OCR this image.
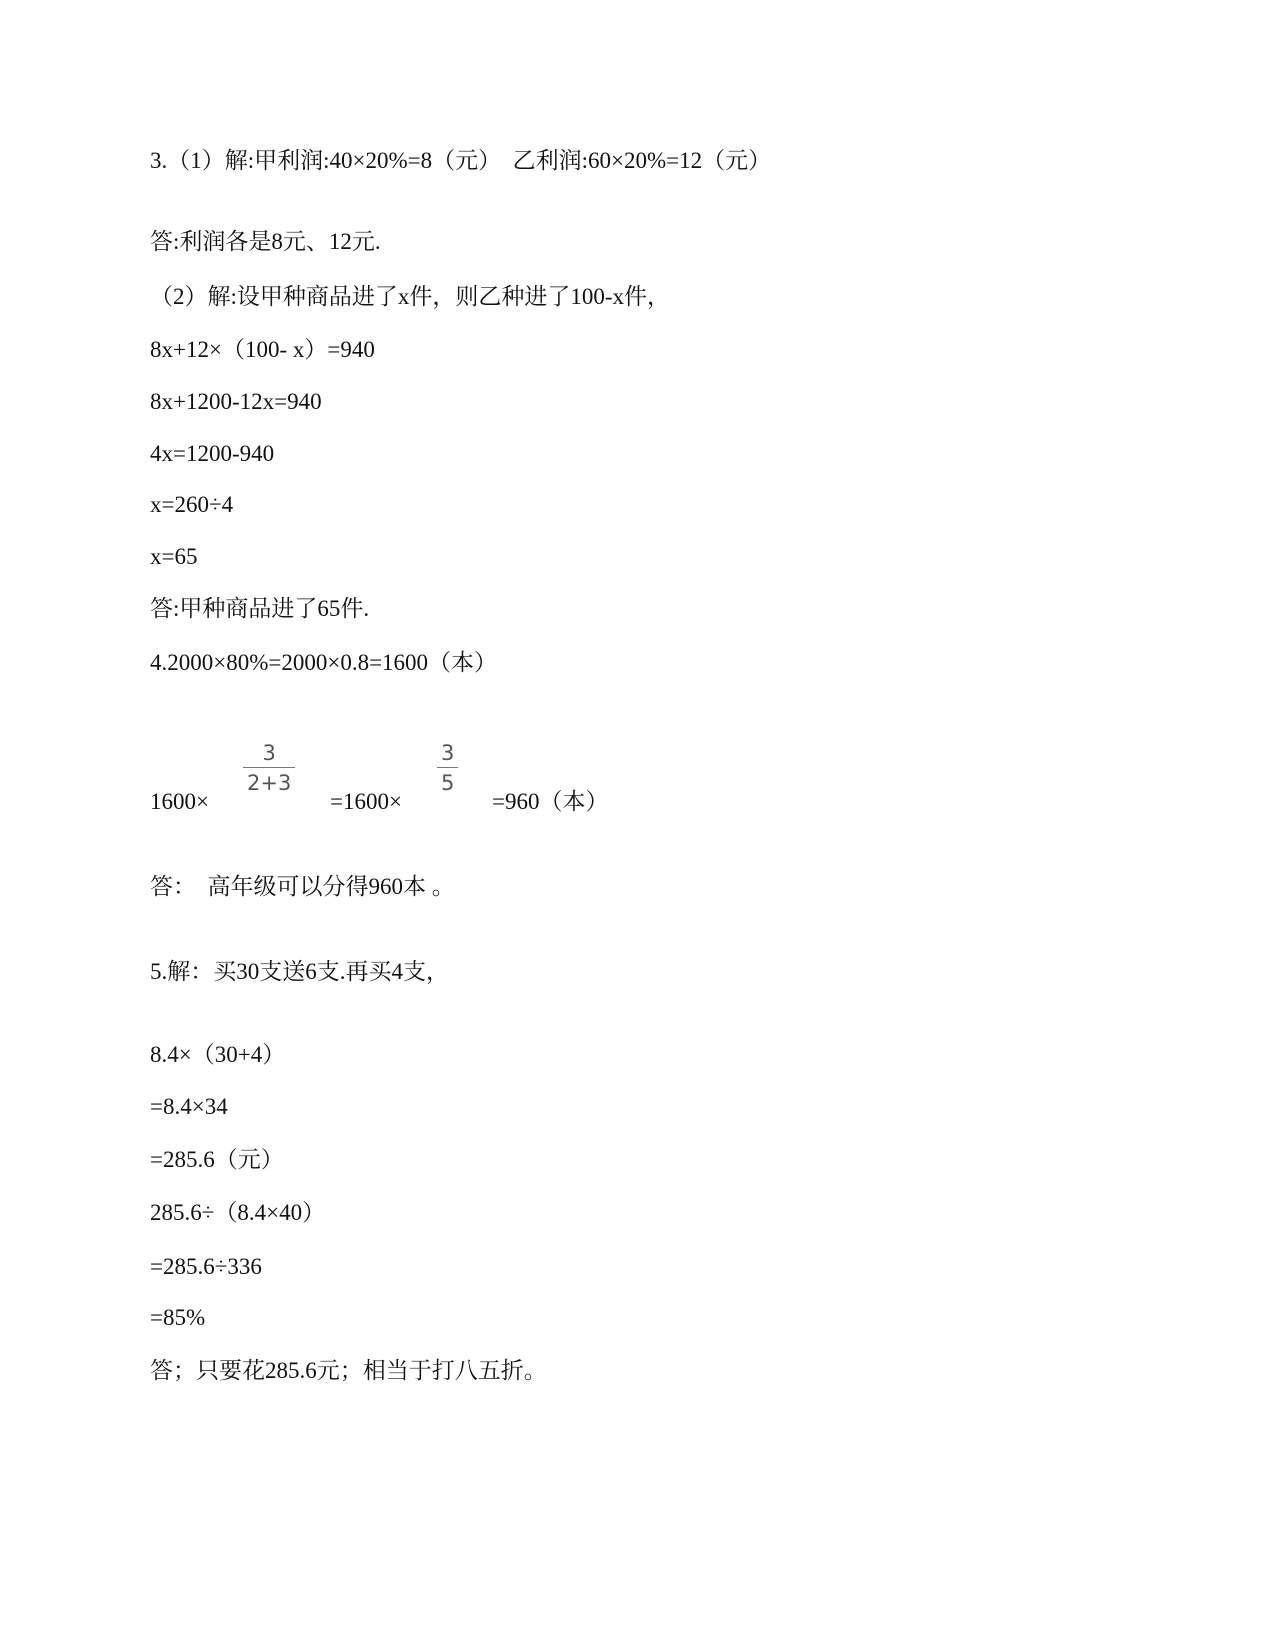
3.（1）解:甲利润:40×20%=8（元）  乙利润:60×20%=12（元）
答:利润各是8元、12元.
（2）解:设甲种商品进了x件，则乙种进了100-x件，
8x+12×（100- x）=940
8x+1200-12x=940
4x=1200-940
x=260÷4
x=65
答:甲种商品进了65件.
4.2000×80%=2000×0.8=1600（本）
1600×
3
2+3
=1600×
3
5
=960（本）
答：  高年级可以分得960本 。
5.解：买30支送6支.再买4支，
8.4×（30+4）
=8.4×34
=285.6（元）
285.6÷（8.4×40）
=285.6÷336
=85%
答；只要花285.6元；相当于打八五折。
